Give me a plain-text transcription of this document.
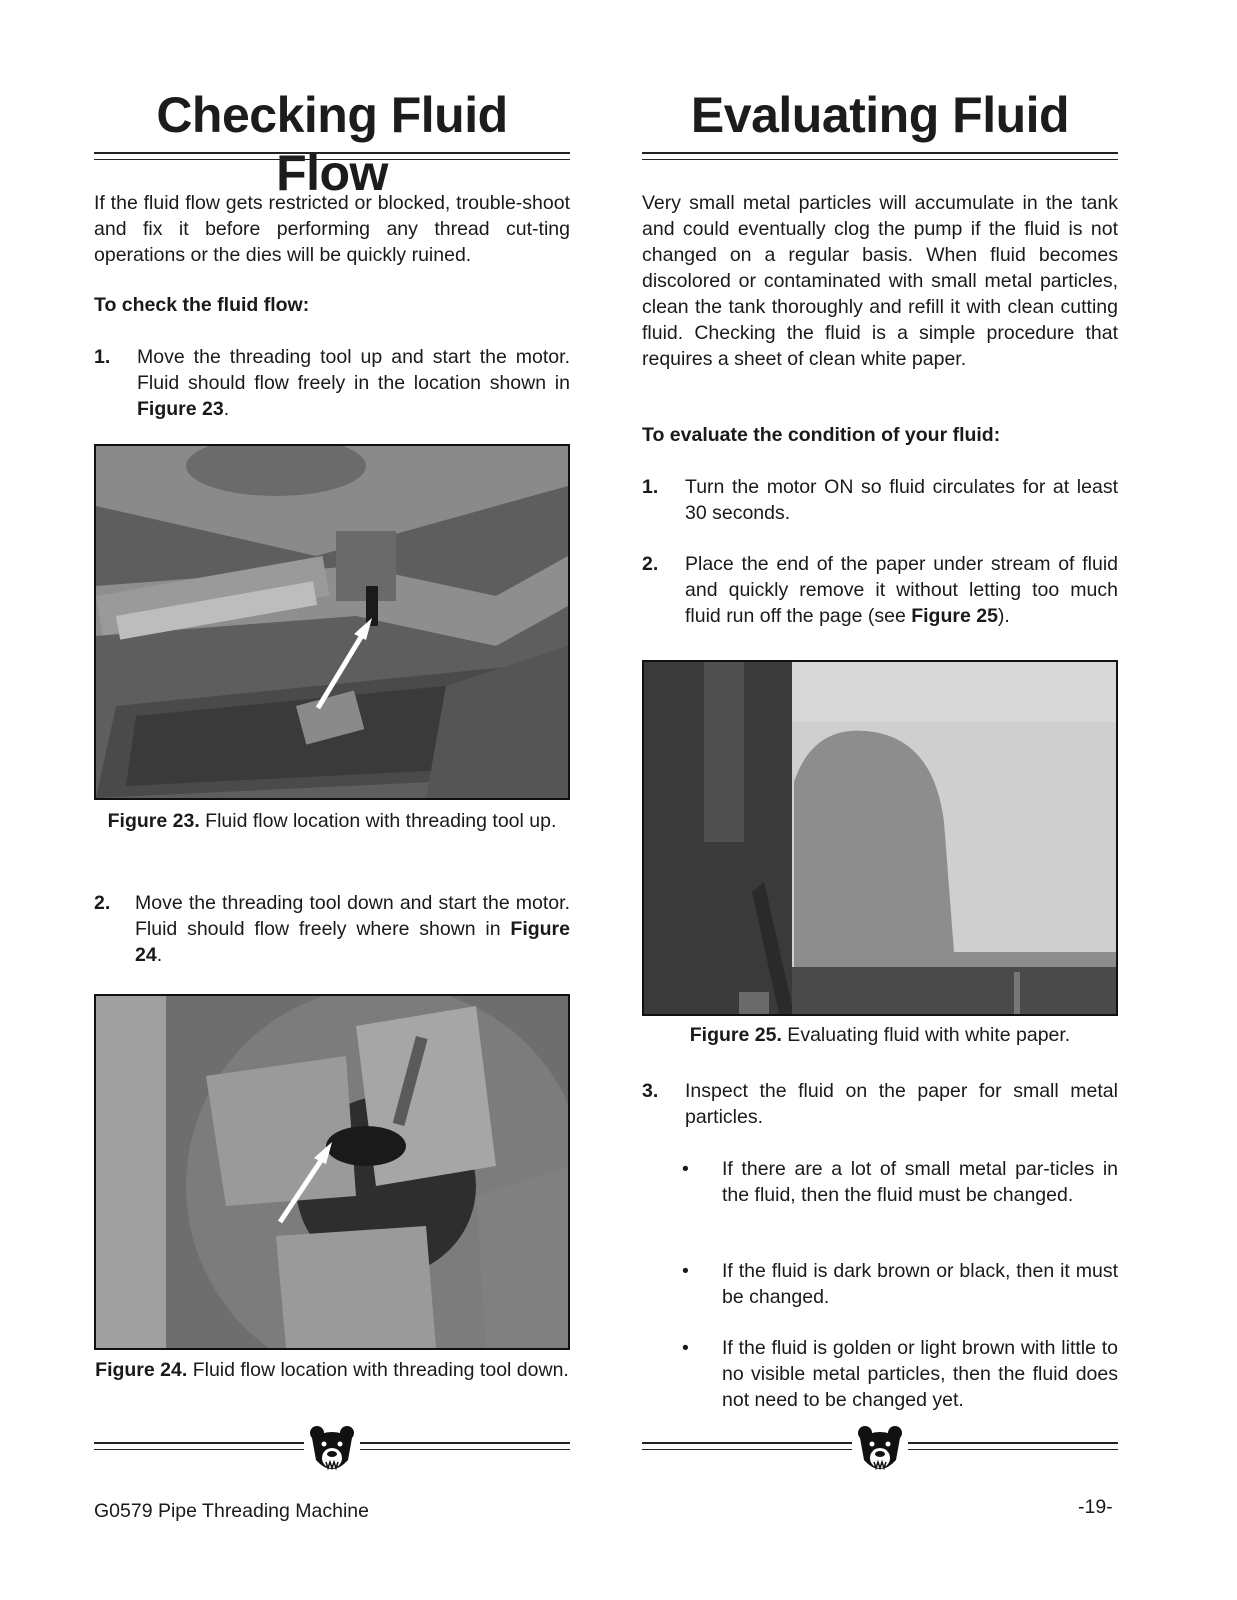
Checking Fluid Flow

If the fluid flow gets restricted or blocked, trouble-shoot and fix it before performing any thread cut-ting operations or the dies will be quickly ruined.

To check the fluid flow:

1. Move the threading tool up and start the motor. Fluid should flow freely in the location shown in Figure 23.

Figure 23. Fluid flow location with threading tool up.

2. Move the threading tool down and start the motor. Fluid should flow freely where shown in Figure 24.

Figure 24. Fluid flow location with threading tool down.

Evaluating Fluid

Very small metal particles will accumulate in the tank and could eventually clog the pump if the fluid is not changed on a regular basis. When fluid becomes discolored or contaminated with small metal particles, clean the tank thoroughly and refill it with clean cutting fluid. Checking the fluid is a simple procedure that requires a sheet of clean white paper.

To evaluate the condition of your fluid:

1. Turn the motor ON so fluid circulates for at least 30 seconds.
2. Place the end of the paper under stream of fluid and quickly remove it without letting too much fluid run off the page (see Figure 25).

Figure 25. Evaluating fluid with white paper.

3. Inspect the fluid on the paper for small metal particles.
• If there are a lot of small metal par-ticles in the fluid, then the fluid must be changed.
• If the fluid is dark brown or black, then it must be changed.
• If the fluid is golden or light brown with little to no visible metal particles, then the fluid does not need to be changed yet.
G0579 Pipe Threading Machine	-19-
